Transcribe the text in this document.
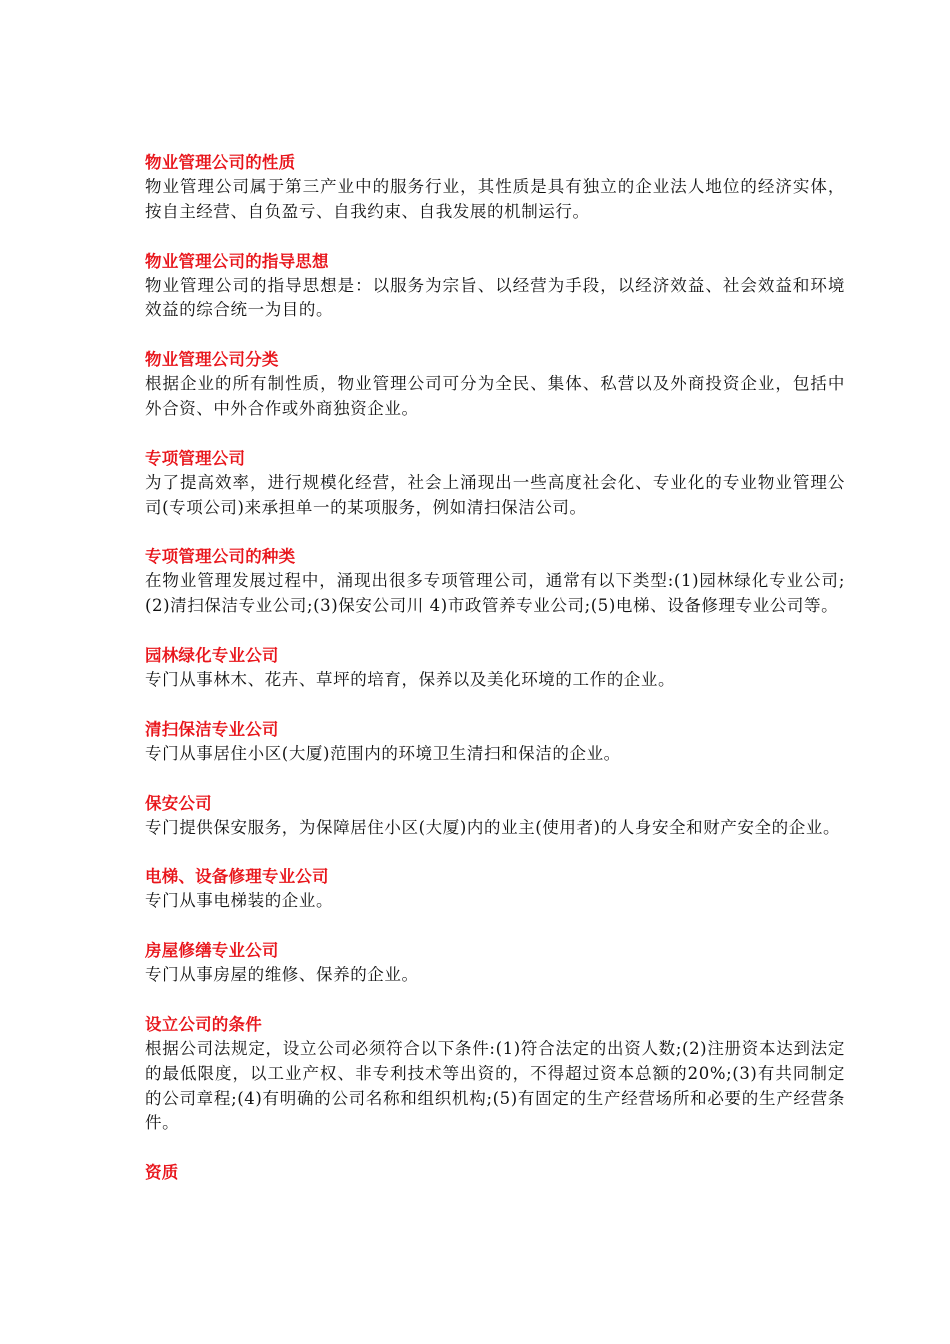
物业管理公司的性质
物业管理公司属于第三产业中的服务行业，其性质是具有独立的企业法人地位的经济实体，按自主经营、自负盈亏、自我约束、自我发展的机制运行。
物业管理公司的指导思想
物业管理公司的指导思想是：以服务为宗旨、以经营为手段，以经济效益、社会效益和环境效益的综合统一为目的。
物业管理公司分类
根据企业的所有制性质，物业管理公司可分为全民、集体、私营以及外商投资企业，包括中外合资、中外合作或外商独资企业。
专项管理公司
为了提高效率，进行规模化经营，社会上涌现出一些高度社会化、专业化的专业物业管理公司(专项公司)来承担单一的某项服务，例如清扫保洁公司。
专项管理公司的种类
在物业管理发展过程中，涌现出很多专项管理公司，通常有以下类型:(1)园林绿化专业公司;(2)清扫保洁专业公司;(3)保安公司川 4)市政管养专业公司;(5)电梯、设备修理专业公司等。
园林绿化专业公司
专门从事林木、花卉、草坪的培育，保养以及美化环境的工作的企业。
清扫保洁专业公司
专门从事居住小区(大厦)范围内的环境卫生清扫和保洁的企业。
保安公司
专门提供保安服务，为保障居住小区(大厦)内的业主(使用者)的人身安全和财产安全的企业。
电梯、设备修理专业公司
专门从事电梯装的企业。
房屋修缮专业公司
专门从事房屋的维修、保养的企业。
设立公司的条件
根据公司法规定，设立公司必须符合以下条件:(1)符合法定的出资人数;(2)注册资本达到法定的最低限度，以工业产权、非专利技术等出资的，不得超过资本总额的20%;(3)有共同制定的公司章程;(4)有明确的公司名称和组织机构;(5)有固定的生产经营场所和必要的生产经营条件。
资质
